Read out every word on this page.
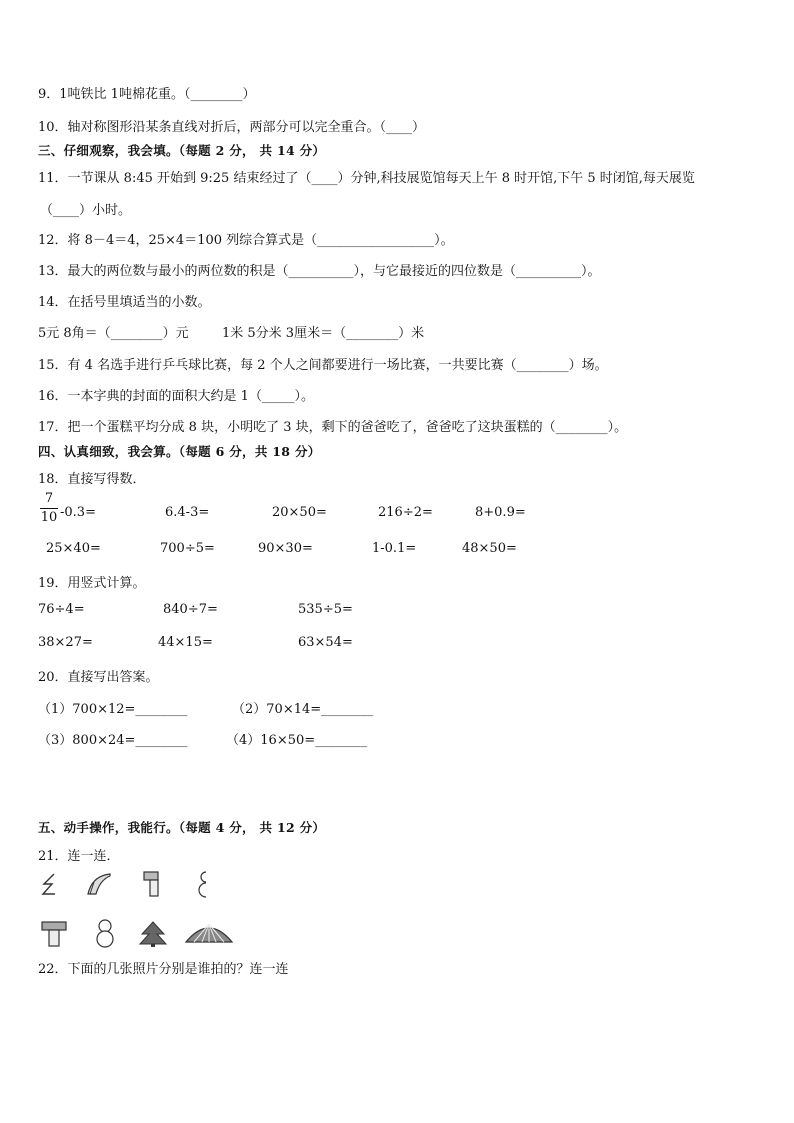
9．1吨铁比 1吨棉花重。（________）
10．轴对称图形沿某条直线对折后，两部分可以完全重合。（____）
三、仔细观察，我会填。（每题 2 分， 共 14 分）
11．一节课从 8:45 开始到 9:25 结束经过了（____）分钟,科技展览馆每天上午 8 时开馆,下午 5 时闭馆,每天展览
（____）小时。
12．将 8－4＝4，25×4＝100 列综合算式是（__________________）。
13．最大的两位数与最小的两位数的积是（__________），与它最接近的四位数是（__________）。
14．在括号里填适当的小数。
5元 8角＝（________）元	1米 5分米 3厘米＝（________）米
15．有 4 名选手进行乒乓球比赛，每 2 个人之间都要进行一场比赛，一共要比赛（________）场。
16．一本字典的封面的面积大约是 1（_____）。
17．把一个蛋糕平均分成 8 块，小明吃了 3 块，剩下的爸爸吃了，爸爸吃了这块蛋糕的（________）。
四、认真细致，我会算。（每题 6 分，共 18 分）
18．直接写得数．
7
10 -0.3=	6.4-3=	20×50=	216÷2=	8+0.9=
25×40=	700÷5=	90×30=	1-0.1=	48×50=
19．用竖式计算。
76÷4=	840÷7=	535÷5=
38×27=	44×15=	63×54=
20．直接写出答案。
（1）700×12=________	（2）70×14=________
（3）800×24=________	（4）16×50=________
五、动手操作，我能行。（每题 4 分， 共 12 分）
21．连一连．
22．下面的几张照片分别是谁拍的？连一连
